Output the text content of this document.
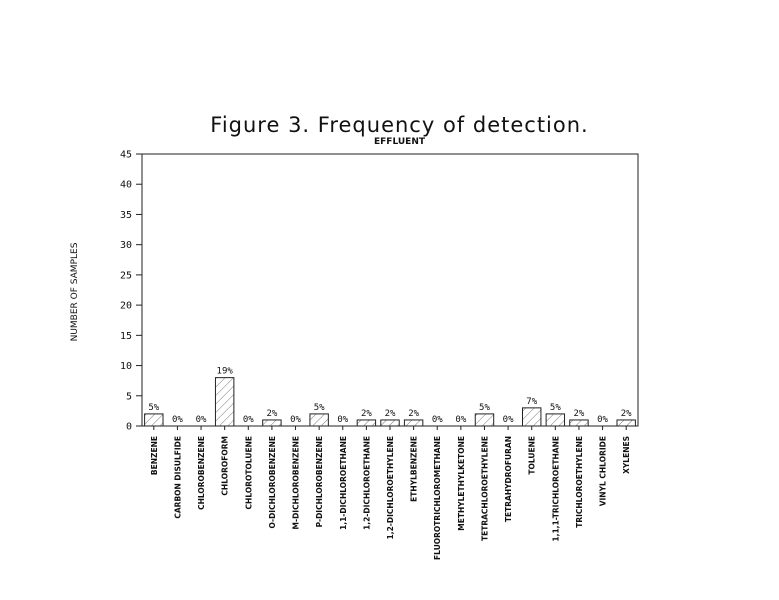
Figure 3. Frequency of detection.
EFFLUENT
NUMBER OF SAMPLES
0
5
10
15
20
25
30
35
40
45
5%
0% 0%
19%
0%
2%
0%
5%
0%
2% 2% 2%
0% 0%
5%
0%
7%
5%
2%
0%
2%
BENZENE CARBON DISULFIDE CHLOROBENZENE CHLOROFORM CHLOROTOLUENE O-DICHLOROBENZENE M-DICHLOROBENZENE P-DICHLOROBENZENE 1,1-DICHLOROETHANE 1,2-DICHLOROETHANE 1,2-DICHLOROETHYLENE ETHYLBENZENE FLUOROTRICHLOROMETHANE METHYLETHYLKETONE TETRACHLOROETHYLENE TETRAHYDROFURAN TOLUENE 1,1,1-TRICHLOROETHANE TRICHLOROETHYLENE VINYL CHLORIDE XYLENES
